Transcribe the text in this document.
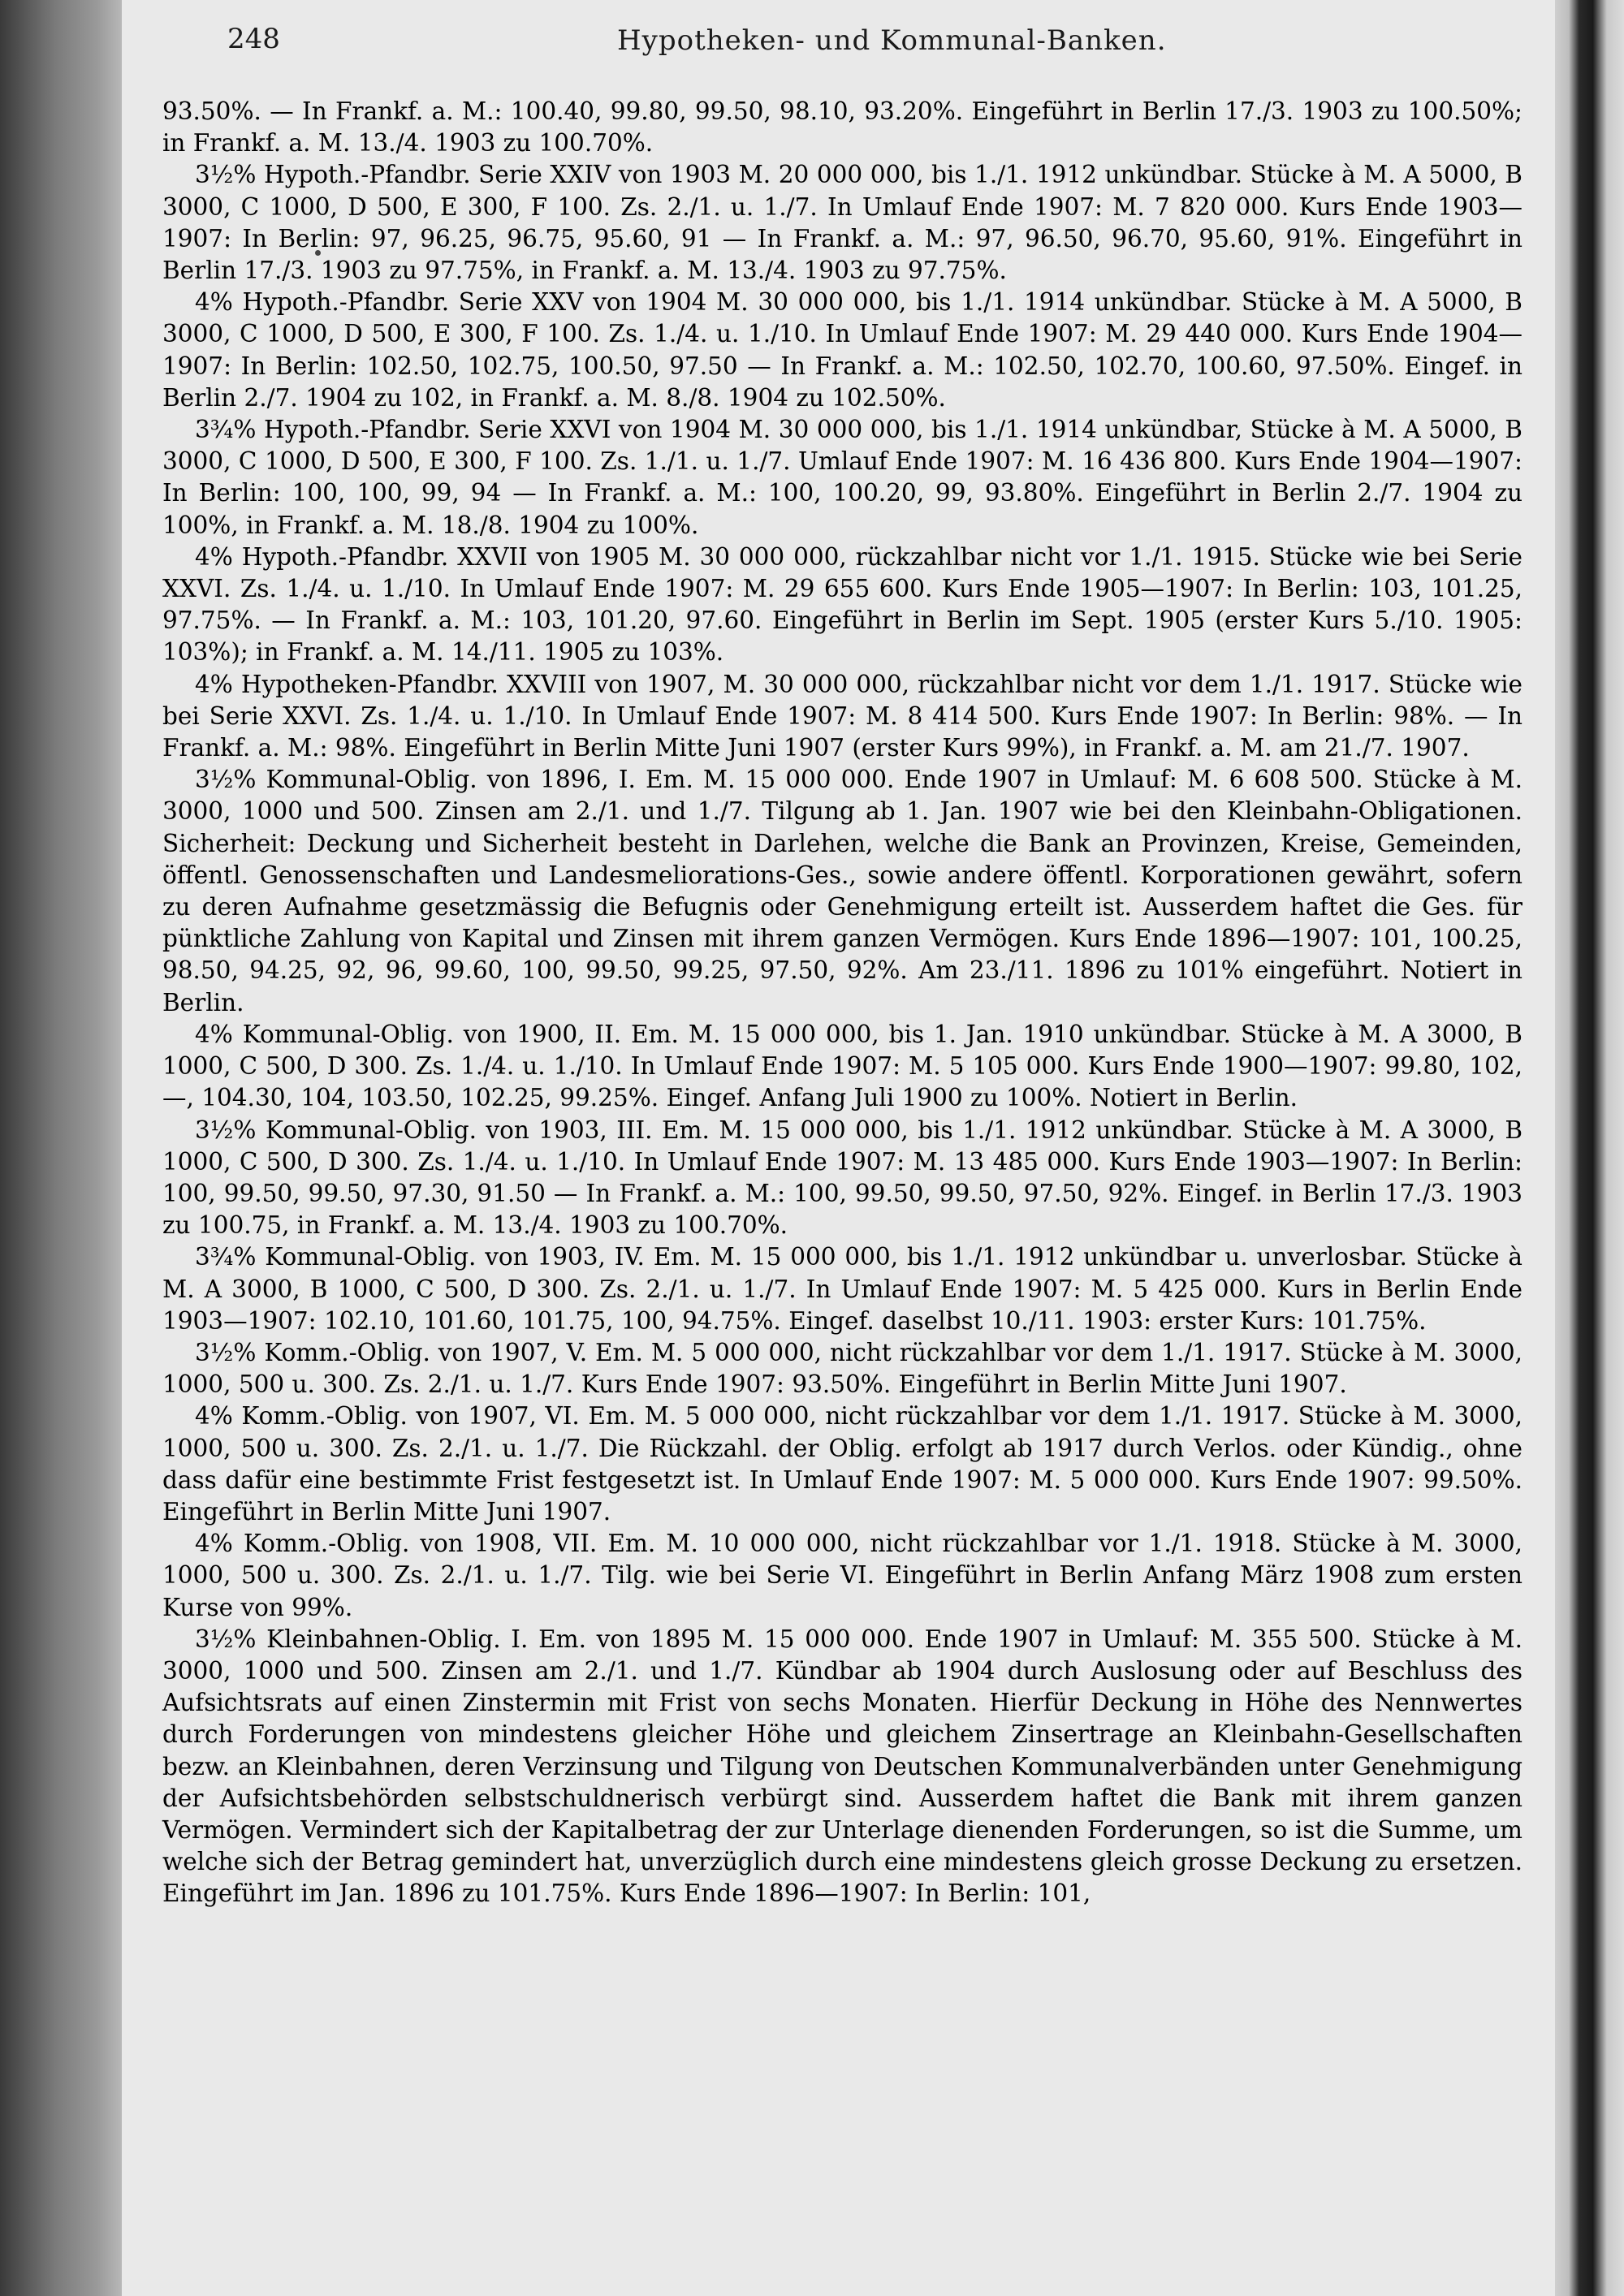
248	Hypotheken- und Kommunal-Banken.

93.50%. — In Frankf. a. M.: 100.40, 99.80, 99.50, 98.10, 93.20%. Eingeführt in Berlin 17./3. 1903 zu 100.50%; in Frankf. a. M. 13./4. 1903 zu 100.70%.

3½% Hypoth.-Pfandbr. Serie XXIV von 1903 M. 20 000 000, bis 1./1. 1912 unkündbar. Stücke à M. A 5000, B 3000, C 1000, D 500, E 300, F 100. Zs. 2./1. u. 1./7. In Umlauf Ende 1907: M. 7 820 000. Kurs Ende 1903—1907: In Berlin: 97, 96.25, 96.75, 95.60, 91 — In Frankf. a. M.: 97, 96.50, 96.70, 95.60, 91%. Eingeführt in Berlin 17./3. 1903 zu 97.75%, in Frankf. a. M. 13./4. 1903 zu 97.75%.

4% Hypoth.-Pfandbr. Serie XXV von 1904 M. 30 000 000, bis 1./1. 1914 unkündbar. Stücke à M. A 5000, B 3000, C 1000, D 500, E 300, F 100. Zs. 1./4. u. 1./10. In Umlauf Ende 1907: M. 29 440 000. Kurs Ende 1904—1907: In Berlin: 102.50, 102.75, 100.50, 97.50 — In Frankf. a. M.: 102.50, 102.70, 100.60, 97.50%. Eingef. in Berlin 2./7. 1904 zu 102, in Frankf. a. M. 8./8. 1904 zu 102.50%.

3¾% Hypoth.-Pfandbr. Serie XXVI von 1904 M. 30 000 000, bis 1./1. 1914 unkündbar, Stücke à M. A 5000, B 3000, C 1000, D 500, E 300, F 100. Zs. 1./1. u. 1./7. Umlauf Ende 1907: M. 16 436 800. Kurs Ende 1904—1907: In Berlin: 100, 100, 99, 94 — In Frankf. a. M.: 100, 100.20, 99, 93.80%. Eingeführt in Berlin 2./7. 1904 zu 100%, in Frankf. a. M. 18./8. 1904 zu 100%.

4% Hypoth.-Pfandbr. XXVII von 1905 M. 30 000 000, rückzahlbar nicht vor 1./1. 1915. Stücke wie bei Serie XXVI. Zs. 1./4. u. 1./10. In Umlauf Ende 1907: M. 29 655 600. Kurs Ende 1905—1907: In Berlin: 103, 101.25, 97.75%. — In Frankf. a. M.: 103, 101.20, 97.60. Eingeführt in Berlin im Sept. 1905 (erster Kurs 5./10. 1905: 103%); in Frankf. a. M. 14./11. 1905 zu 103%.

4% Hypotheken-Pfandbr. XXVIII von 1907, M. 30 000 000, rückzahlbar nicht vor dem 1./1. 1917. Stücke wie bei Serie XXVI. Zs. 1./4. u. 1./10. In Umlauf Ende 1907: M. 8 414 500. Kurs Ende 1907: In Berlin: 98%. — In Frankf. a. M.: 98%. Eingeführt in Berlin Mitte Juni 1907 (erster Kurs 99%), in Frankf. a. M. am 21./7. 1907.

3½% Kommunal-Oblig. von 1896, I. Em. M. 15 000 000. Ende 1907 in Umlauf: M. 6 608 500. Stücke à M. 3000, 1000 und 500. Zinsen am 2./1. und 1./7. Tilgung ab 1. Jan. 1907 wie bei den Kleinbahn-Obligationen. Sicherheit: Deckung und Sicherheit besteht in Darlehen, welche die Bank an Provinzen, Kreise, Gemeinden, öffentl. Genossenschaften und Landesmeliorations-Ges., sowie andere öffentl. Korporationen gewährt, sofern zu deren Aufnahme gesetzmässig die Befugnis oder Genehmigung erteilt ist. Ausserdem haftet die Ges. für pünktliche Zahlung von Kapital und Zinsen mit ihrem ganzen Vermögen. Kurs Ende 1896—1907: 101, 100.25, 98.50, 94.25, 92, 96, 99.60, 100, 99.50, 99.25, 97.50, 92%. Am 23./11. 1896 zu 101% eingeführt. Notiert in Berlin.

4% Kommunal-Oblig. von 1900, II. Em. M. 15 000 000, bis 1. Jan. 1910 unkündbar. Stücke à M. A 3000, B 1000, C 500, D 300. Zs. 1./4. u. 1./10. In Umlauf Ende 1907: M. 5 105 000. Kurs Ende 1900—1907: 99.80, 102, —, 104.30, 104, 103.50, 102.25, 99.25%. Eingef. Anfang Juli 1900 zu 100%. Notiert in Berlin.

3½% Kommunal-Oblig. von 1903, III. Em. M. 15 000 000, bis 1./1. 1912 unkündbar. Stücke à M. A 3000, B 1000, C 500, D 300. Zs. 1./4. u. 1./10. In Umlauf Ende 1907: M. 13 485 000. Kurs Ende 1903—1907: In Berlin: 100, 99.50, 99.50, 97.30, 91.50 — In Frankf. a. M.: 100, 99.50, 99.50, 97.50, 92%. Eingef. in Berlin 17./3. 1903 zu 100.75, in Frankf. a. M. 13./4. 1903 zu 100.70%.

3¾% Kommunal-Oblig. von 1903, IV. Em. M. 15 000 000, bis 1./1. 1912 unkündbar u. unverlosbar. Stücke à M. A 3000, B 1000, C 500, D 300. Zs. 2./1. u. 1./7. In Umlauf Ende 1907: M. 5 425 000. Kurs in Berlin Ende 1903—1907: 102.10, 101.60, 101.75, 100, 94.75%. Eingef. daselbst 10./11. 1903: erster Kurs: 101.75%.

3½% Komm.-Oblig. von 1907, V. Em. M. 5 000 000, nicht rückzahlbar vor dem 1./1. 1917. Stücke à M. 3000, 1000, 500 u. 300. Zs. 2./1. u. 1./7. Kurs Ende 1907: 93.50%. Eingeführt in Berlin Mitte Juni 1907.

4% Komm.-Oblig. von 1907, VI. Em. M. 5 000 000, nicht rückzahlbar vor dem 1./1. 1917. Stücke à M. 3000, 1000, 500 u. 300. Zs. 2./1. u. 1./7. Die Rückzahl. der Oblig. erfolgt ab 1917 durch Verlos. oder Kündig., ohne dass dafür eine bestimmte Frist festgesetzt ist. In Umlauf Ende 1907: M. 5 000 000. Kurs Ende 1907: 99.50%. Eingeführt in Berlin Mitte Juni 1907.

4% Komm.-Oblig. von 1908, VII. Em. M. 10 000 000, nicht rückzahlbar vor 1./1. 1918. Stücke à M. 3000, 1000, 500 u. 300. Zs. 2./1. u. 1./7. Tilg. wie bei Serie VI. Eingeführt in Berlin Anfang März 1908 zum ersten Kurse von 99%.

3½% Kleinbahnen-Oblig. I. Em. von 1895 M. 15 000 000. Ende 1907 in Umlauf: M. 355 500. Stücke à M. 3000, 1000 und 500. Zinsen am 2./1. und 1./7. Kündbar ab 1904 durch Auslosung oder auf Beschluss des Aufsichtsrats auf einen Zinstermin mit Frist von sechs Monaten. Hierfür Deckung in Höhe des Nennwertes durch Forderungen von mindestens gleicher Höhe und gleichem Zinsertrage an Kleinbahn-Gesellschaften bezw. an Kleinbahnen, deren Verzinsung und Tilgung von Deutschen Kommunalverbänden unter Genehmigung der Aufsichtsbehörden selbstschuldnerisch verbürgt sind. Ausserdem haftet die Bank mit ihrem ganzen Vermögen. Vermindert sich der Kapitalbetrag der zur Unterlage dienenden Forderungen, so ist die Summe, um welche sich der Betrag gemindert hat, unverzüglich durch eine mindestens gleich grosse Deckung zu ersetzen. Eingeführt im Jan. 1896 zu 101.75%. Kurs Ende 1896—1907: In Berlin: 101,
